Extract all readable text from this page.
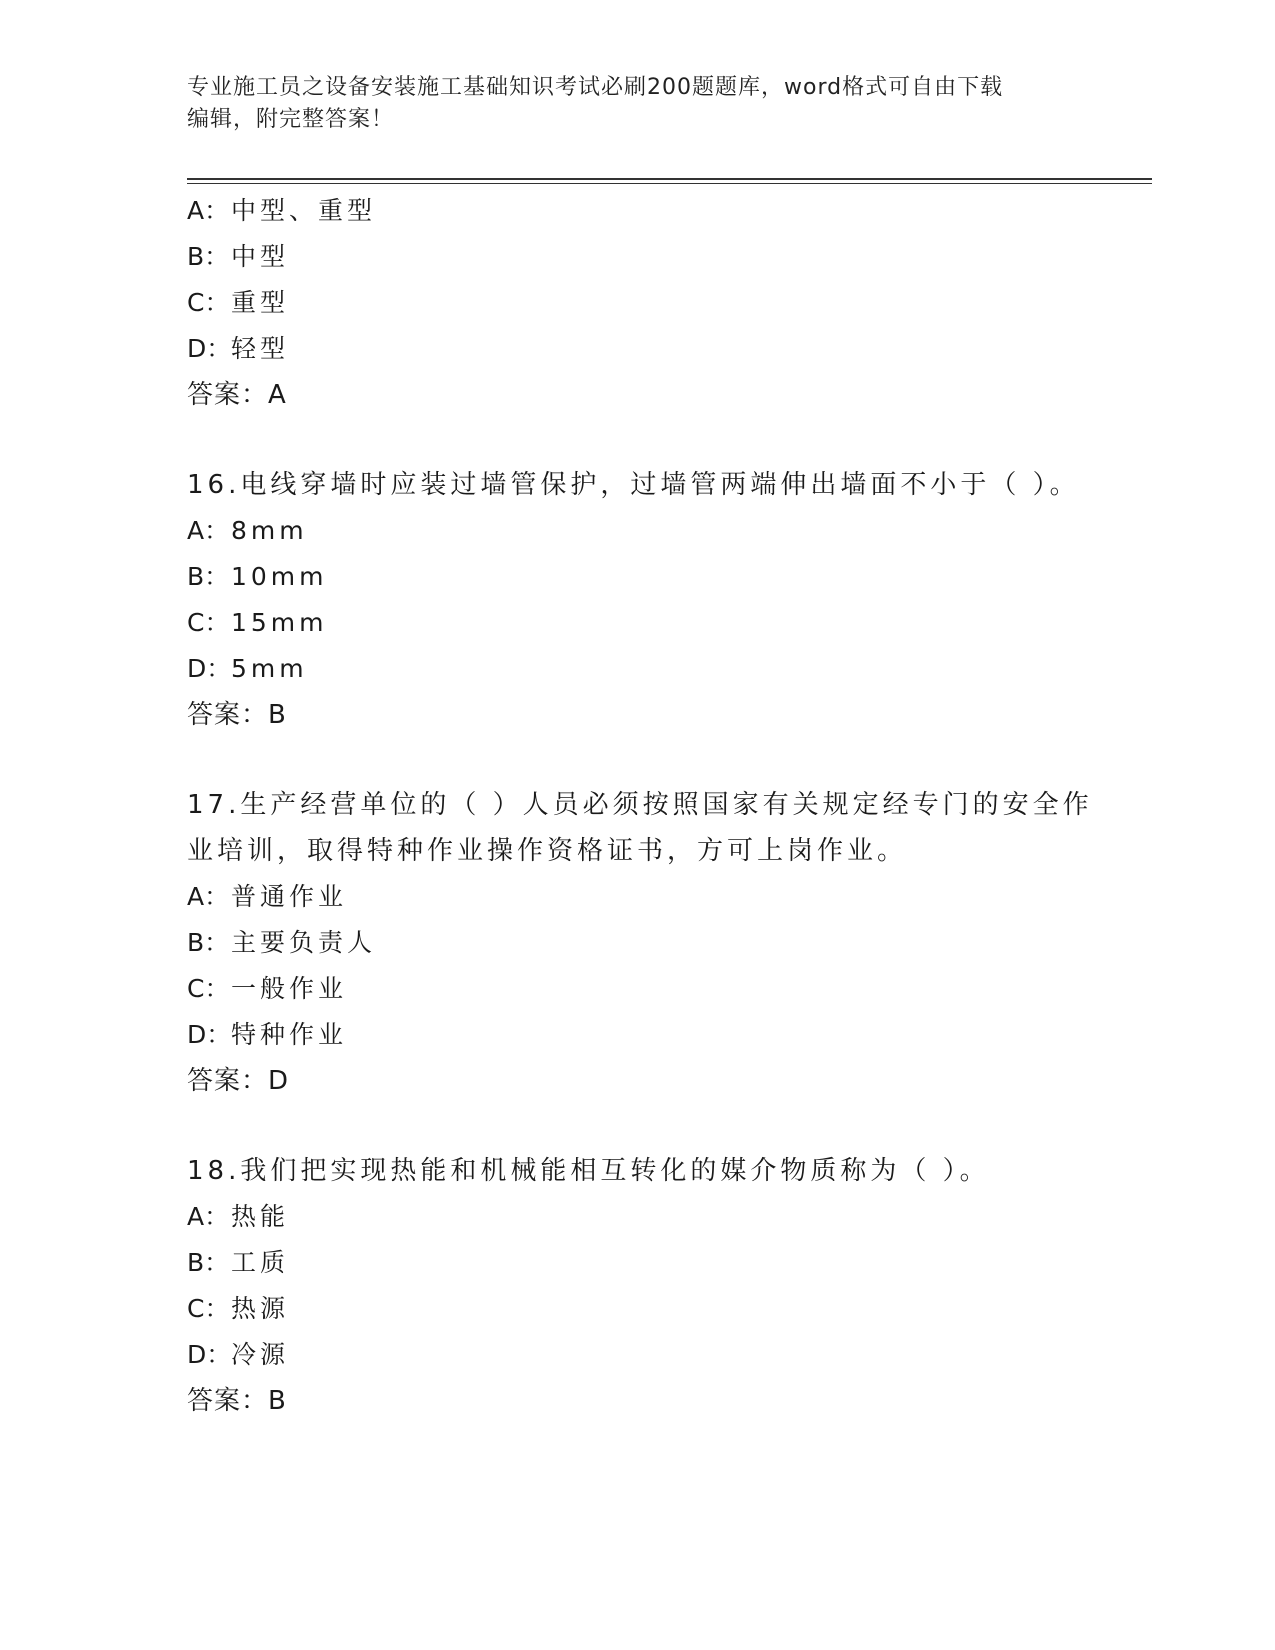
专业施工员之设备安装施工基础知识考试必刷200题题库，word格式可自由下载
编辑，附完整答案！
A：中型、重型
B：中型
C：重型
D：轻型
答案：A
16.电线穿墙时应装过墙管保护，过墙管两端伸出墙面不小于（ ）。
A：8mm
B：10mm
C：15mm
D：5mm
答案：B
17.生产经营单位的（ ）人员必须按照国家有关规定经专门的安全作
业培训，取得特种作业操作资格证书，方可上岗作业。
A：普通作业
B：主要负责人
C：一般作业
D：特种作业
答案：D
18.我们把实现热能和机械能相互转化的媒介物质称为（ ）。
A：热能
B：工质
C：热源
D：冷源
答案：B
